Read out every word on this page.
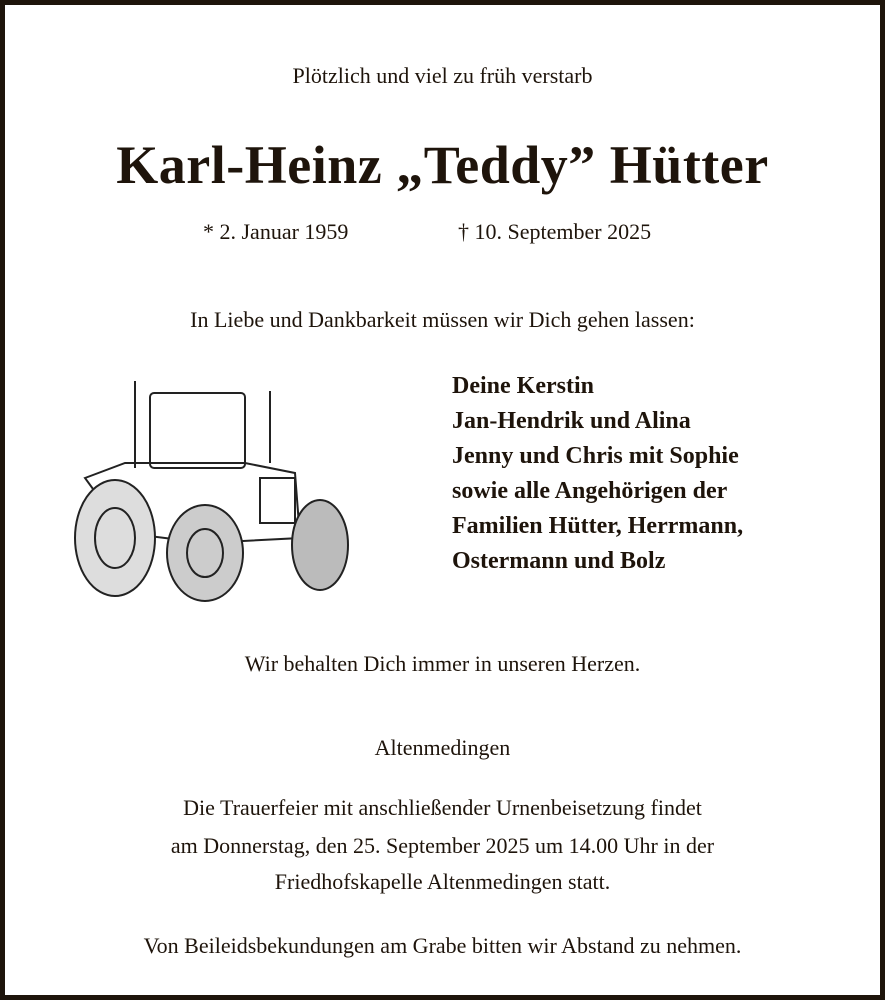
Plötzlich und viel zu früh verstarb
Karl-Heinz „Teddy” Hütter
* 2. Januar 1959	† 10. September 2025
In Liebe und Dankbarkeit müssen wir Dich gehen lassen:
Deine Kerstin
Jan-Hendrik und Alina
Jenny und Chris mit Sophie
sowie alle Angehörigen der
Familien Hütter, Herrmann,
Ostermann und Bolz
Wir behalten Dich immer in unseren Herzen.
Altenmedingen
Die Trauerfeier mit anschließender Urnenbeisetzung findet
am Donnerstag, den 25. September 2025 um 14.00 Uhr in der
Friedhofskapelle Altenmedingen statt.
Von Beileidsbekundungen am Grabe bitten wir Abstand zu nehmen.
